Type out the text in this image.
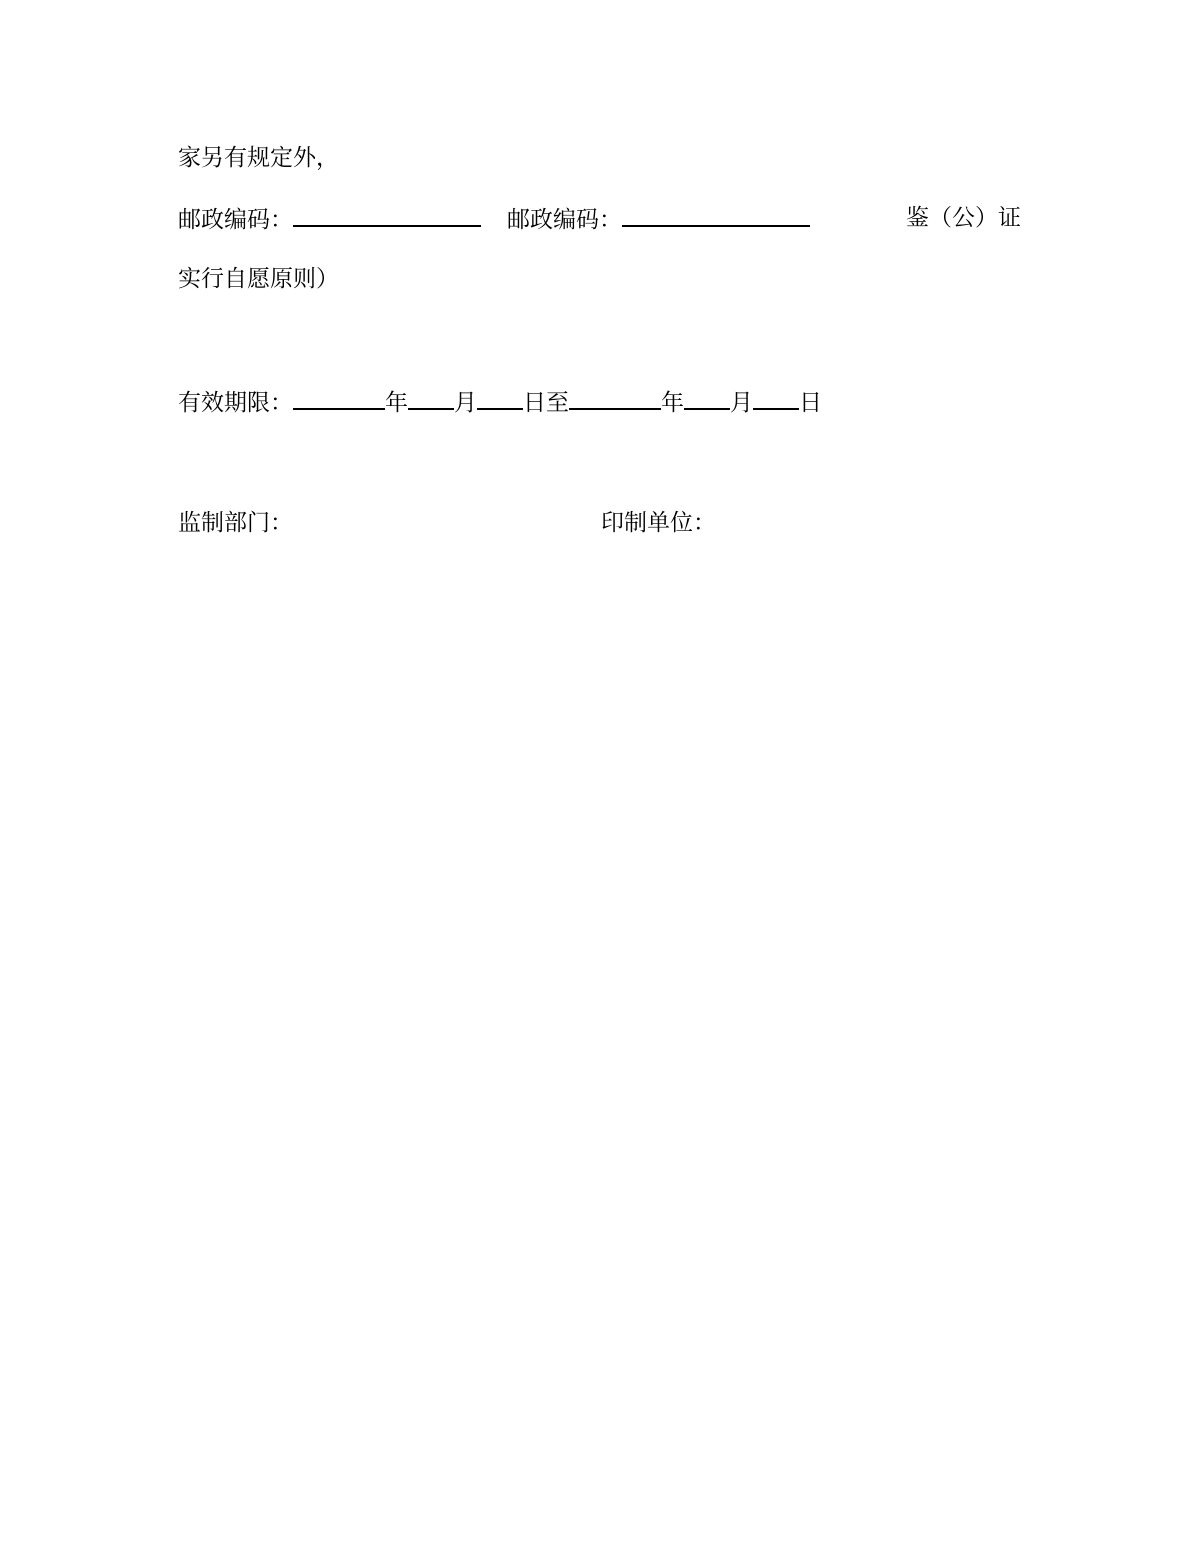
家另有规定外，
邮政编码：	邮政编码：	鉴（公）证
实行自愿原则）
有效期限：	年 月 日至	年 月 日
监制部门：	印制单位：
